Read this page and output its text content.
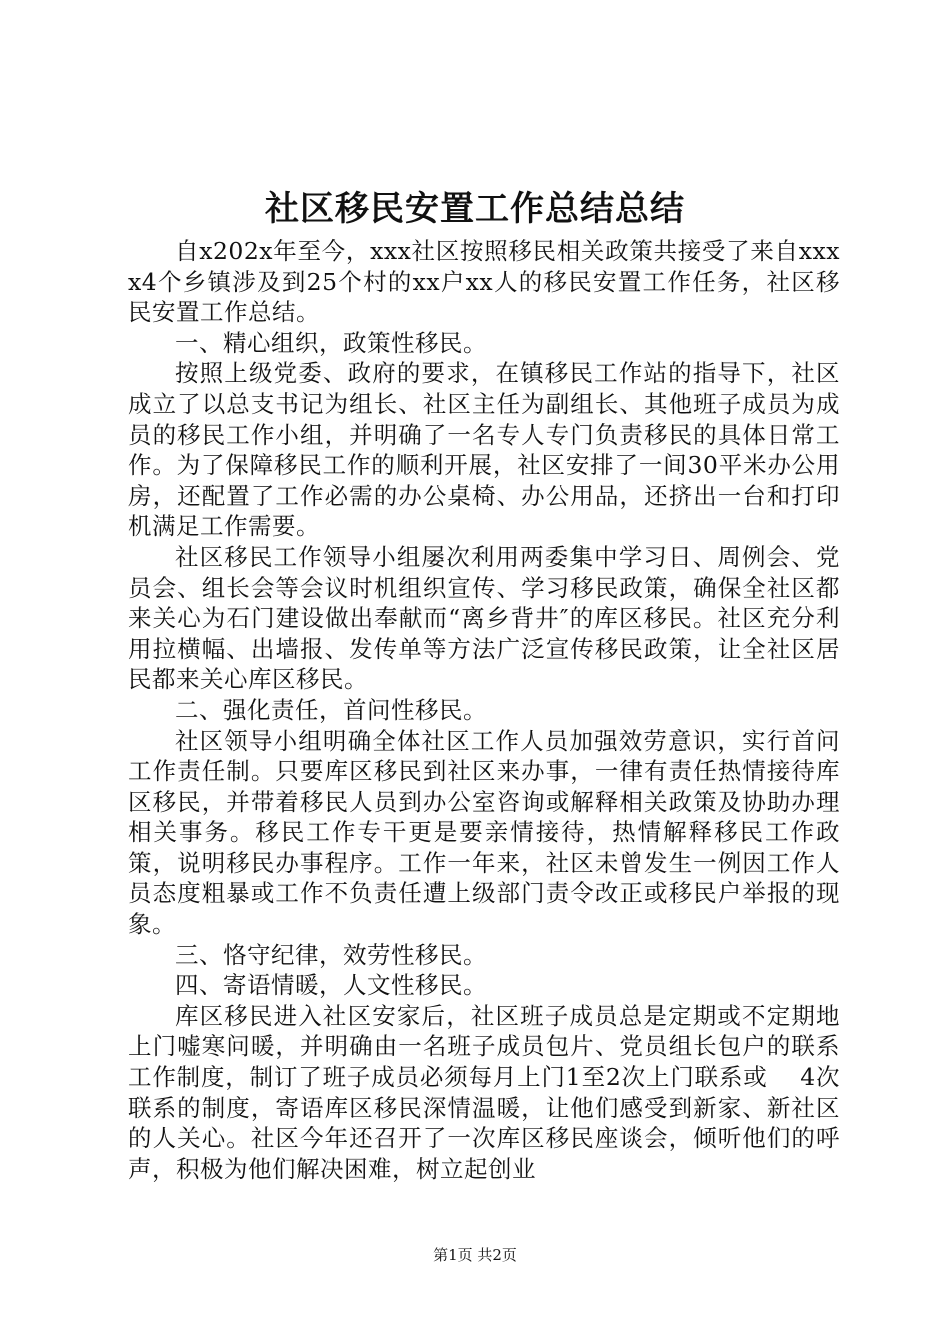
社区移民安置工作总结总结

自x202x年至今，xxx社区按照移民相关政策共接受了来自xxxx4个乡镇涉及到25个村的xx户xx人的移民安置工作任务，社区移民安置工作总结。

一、精心组织，政策性移民。

按照上级党委、政府的要求，在镇移民工作站的指导下，社区成立了以总支书记为组长、社区主任为副组长、其他班子成员为成员的移民工作小组，并明确了一名专人专门负责移民的具体日常工作。为了保障移民工作的顺利开展，社区安排了一间30平米办公用房，还配置了工作必需的办公桌椅、办公用品，还挤出一台和打印机满足工作需要。

社区移民工作领导小组屡次利用两委集中学习日、周例会、党员会、组长会等会议时机组织宣传、学习移民政策，确保全社区都来关心为石门建设做出奉献而“离乡背井″的库区移民。社区充分利用拉横幅、出墙报、发传单等方法广泛宣传移民政策，让全社区居民都来关心库区移民。

二、强化责任，首问性移民。

社区领导小组明确全体社区工作人员加强效劳意识，实行首问工作责任制。只要库区移民到社区来办事，一律有责任热情接待库区移民，并带着移民人员到办公室咨询或解释相关政策及协助办理相关事务。移民工作专干更是要亲情接待，热情解释移民工作政策，说明移民办事程序。工作一年来，社区未曾发生一例因工作人员态度粗暴或工作不负责任遭上级部门责令改正或移民户举报的现象。

三、恪守纪律，效劳性移民。

四、寄语情暖，人文性移民。

库区移民进入社区安家后，社区班子成员总是定期或不定期地上门嘘寒问暖，并明确由一名班子成员包片、党员组长包户的联系工作制度，制订了班子成员必须每月上门1至2次上门联系或　 4次联系的制度，寄语库区移民深情温暖，让他们感受到新家、新社区的人关心。社区今年还召开了一次库区移民座谈会，倾听他们的呼声，积极为他们解决困难，树立起创业

第1页 共2页
